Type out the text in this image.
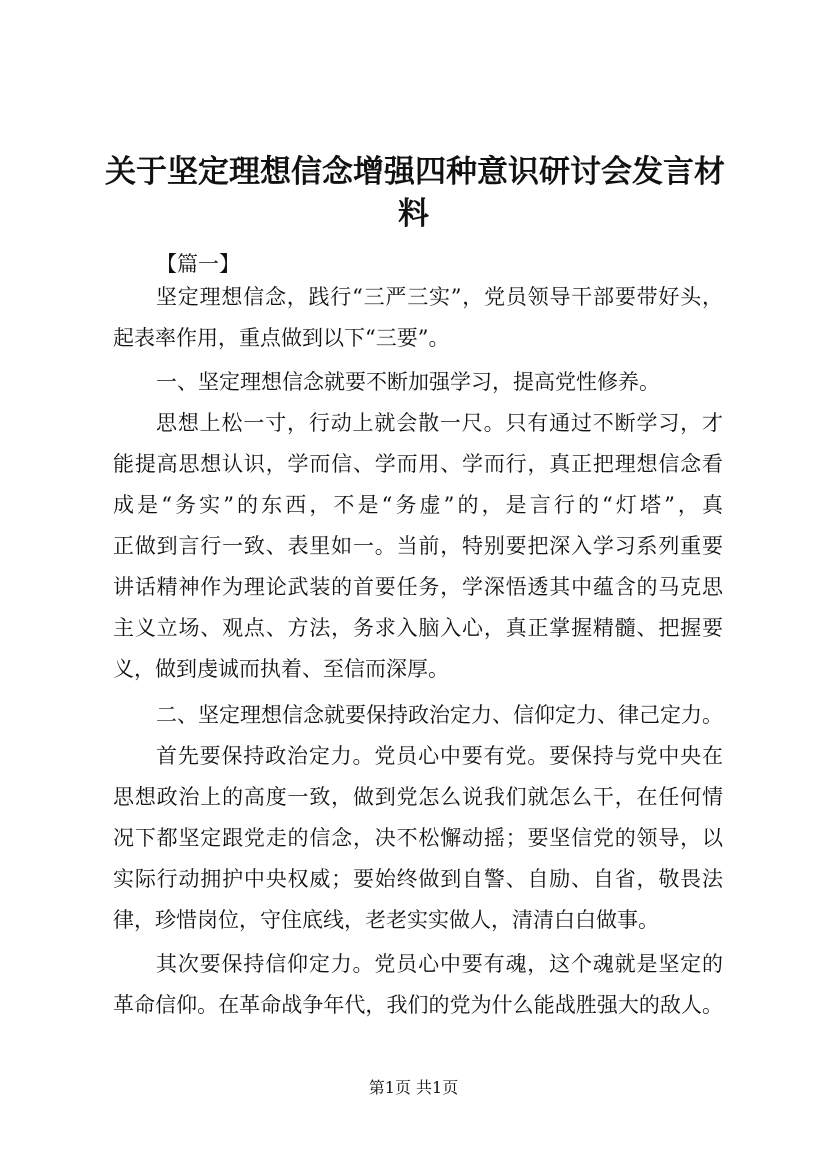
关于坚定理想信念增强四种意识研讨会发言材
料
【篇一】
坚定理想信念，践行“三严三实”，党员领导干部要带好头，
起表率作用，重点做到以下“三要”。
一、坚定理想信念就要不断加强学习，提高党性修养。
思想上松一寸，行动上就会散一尺。只有通过不断学习，才
能提高思想认识，学而信、学而用、学而行，真正把理想信念看
成是“务实”的东西，不是“务虚”的，是言行的“灯塔”，真
正做到言行一致、表里如一。当前，特别要把深入学习系列重要
讲话精神作为理论武装的首要任务，学深悟透其中蕴含的马克思
主义立场、观点、方法，务求入脑入心，真正掌握精髓、把握要
义，做到虔诚而执着、至信而深厚。
二、坚定理想信念就要保持政治定力、信仰定力、律己定力。
首先要保持政治定力。党员心中要有党。要保持与党中央在
思想政治上的高度一致，做到党怎么说我们就怎么干，在任何情
况下都坚定跟党走的信念，决不松懈动摇；要坚信党的领导，以
实际行动拥护中央权威；要始终做到自警、自励、自省，敬畏法
律，珍惜岗位，守住底线，老老实实做人，清清白白做事。
其次要保持信仰定力。党员心中要有魂，这个魂就是坚定的
革命信仰。在革命战争年代，我们的党为什么能战胜强大的敌人。
第1页 共1页
